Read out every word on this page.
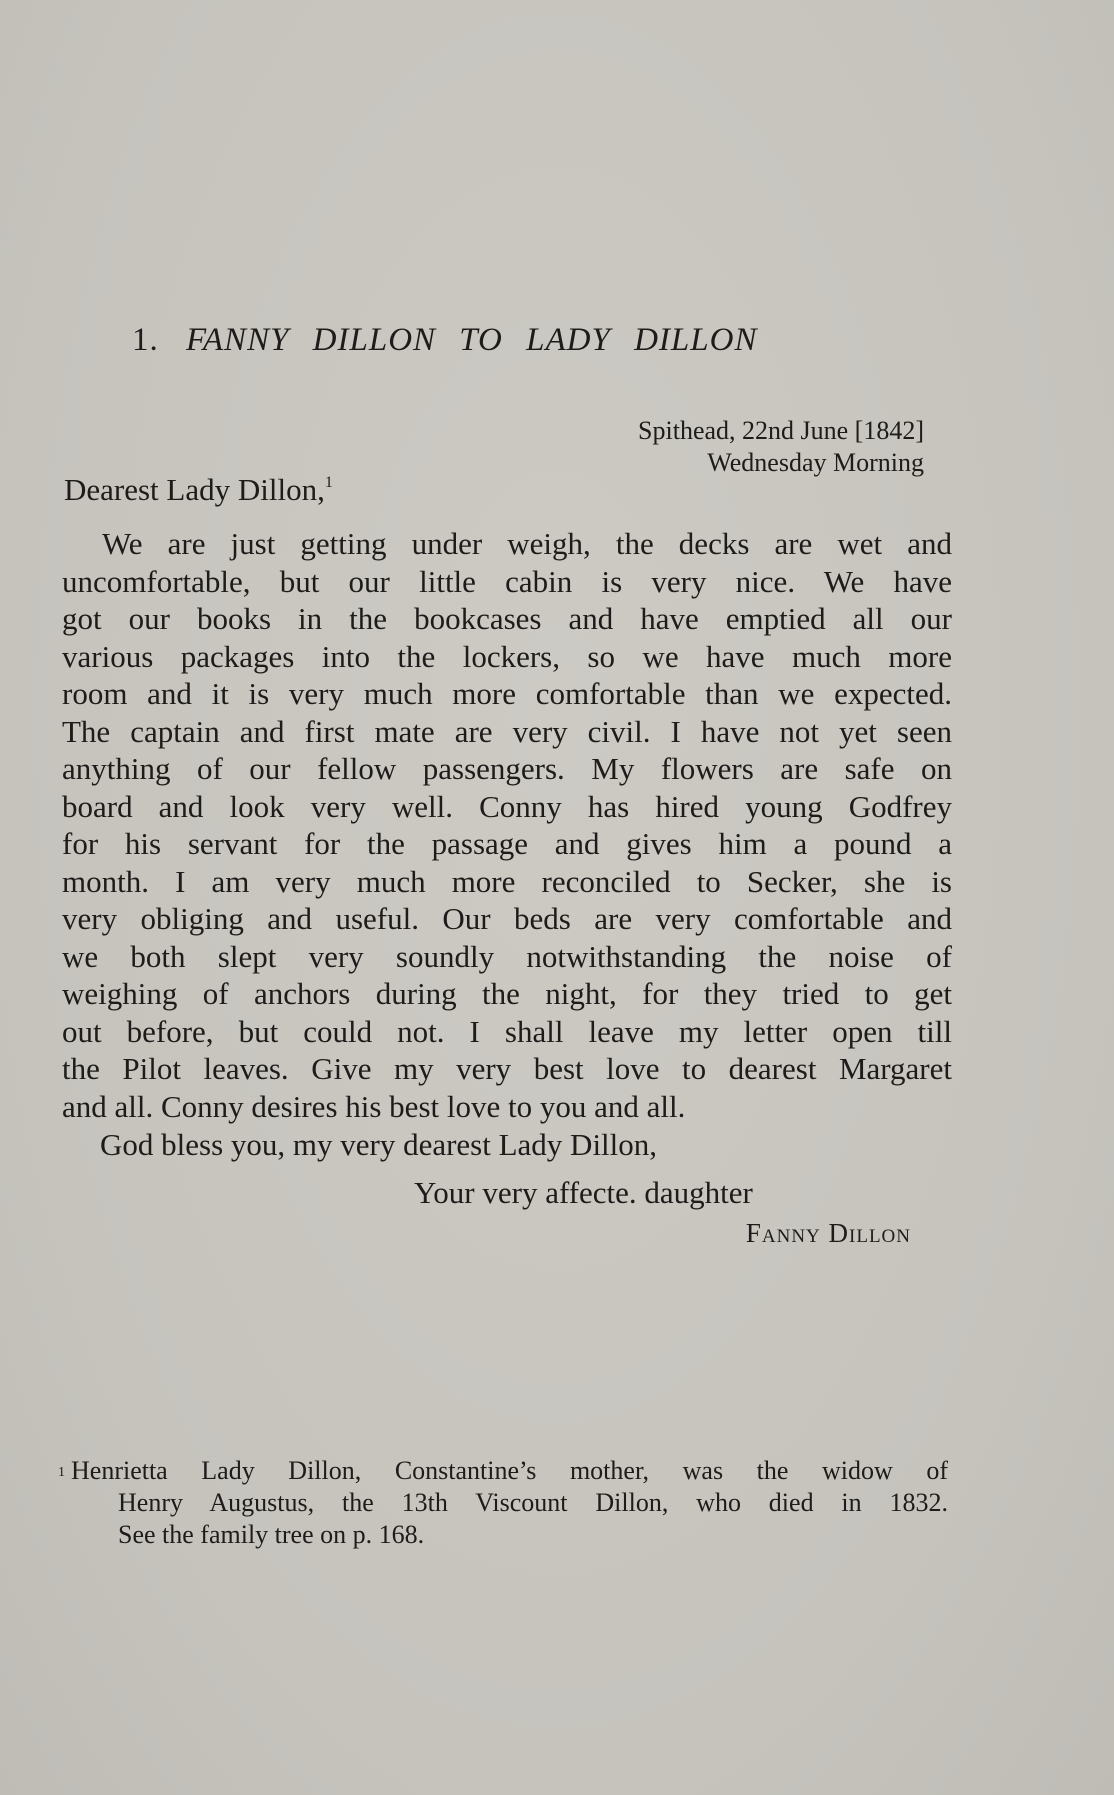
1. FANNY DILLON TO LADY DILLON
Spithead, 22nd June [1842]
Wednesday Morning
Dearest Lady Dillon,$^1$
We are just getting under weigh, the decks are wet and
uncomfortable, but our little cabin is very nice. We have
got our books in the bookcases and have emptied all our
various packages into the lockers, so we have much more
room and it is very much more comfortable than we expected.
The captain and first mate are very civil. I have not yet seen
anything of our fellow passengers. My flowers are safe on
board and look very well. Conny has hired young Godfrey
for his servant for the passage and gives him a pound a
month. I am very much more reconciled to Secker, she is
very obliging and useful. Our beds are very comfortable and
we both slept very soundly notwithstanding the noise of
weighing of anchors during the night, for they tried to get
out before, but could not. I shall leave my letter open till
the Pilot leaves. Give my very best love to dearest Margaret
and all. Conny desires his best love to you and all.
God bless you, my very dearest Lady Dillon,
Your very affecte. daughter
Fanny Dillon
$^1$ Henrietta Lady Dillon, Constantine’s mother, was the widow of
Henry Augustus, the 13th Viscount Dillon, who died in 1832.
See the family tree on p. 168.
